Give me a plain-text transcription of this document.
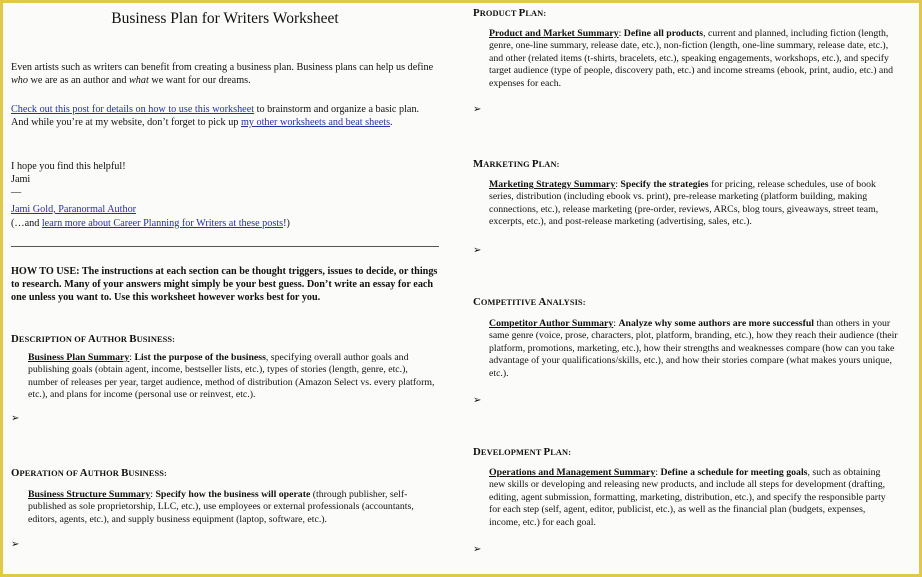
Business Plan for Writers Worksheet

Even artists such as writers can benefit from creating a business plan. Business plans can help us define who we are as an author and what we want for our dreams.

Check out this post for details on how to use this worksheet to brainstorm and organize a basic plan. And while you’re at my website, don’t forget to pick up my other worksheets and beat sheets.

I hope you find this helpful!

Jami

—

Jami Gold, Paranormal Author

(…and learn more about Career Planning for Writers at these posts!)

HOW TO USE: The instructions at each section can be thought triggers, issues to decide, or things to research. Many of your answers might simply be your best guess. Don’t write an essay for each one unless you want to. Use this worksheet however works best for you.

DESCRIPTION OF AUTHOR BUSINESS:

Business Plan Summary: List the purpose of the business, specifying overall author goals and publishing goals (obtain agent, income, bestseller lists, etc.), types of stories (length, genre, etc.), number of releases per year, target audience, method of distribution (Amazon Select vs. every platform, etc.), and plans for income (personal use or reinvest, etc.).

➢
OPERATION OF AUTHOR BUSINESS:

Business Structure Summary: Specify how the business will operate (through publisher, self-published as sole proprietorship, LLC, etc.), use employees or external professionals (accountants, editors, agents, etc.), and supply business equipment (laptop, software, etc.).

➢
PRODUCT PLAN:

Product and Market Summary: Define all products, current and planned, including fiction (length, genre, one-line summary, release date, etc.), non-fiction (length, one-line summary, release date, etc.), and other (related items (t-shirts, bracelets, etc.), speaking engagements, workshops, etc.), and specify target audience (type of people, discovery path, etc.) and income streams (ebook, print, audio, etc.) and expenses for each.

➢
MARKETING PLAN:

Marketing Strategy Summary: Specify the strategies for pricing, release schedules, use of book series, distribution (including ebook vs. print), pre-release marketing (platform building, making connections, etc.), release marketing (pre-order, reviews, ARCs, blog tours, giveaways, street team, excerpts, etc.), and post-release marketing (advertising, sales, etc.).

➢
COMPETITIVE ANALYSIS:

Competitor Author Summary: Analyze why some authors are more successful than others in your same genre (voice, prose, characters, plot, platform, branding, etc.), how they reach their audience (their platform, promotions, marketing, etc.), how their strengths and weaknesses compare (how can you take advantage of your qualifications/skills, etc.), and how their stories compare (what makes yours unique, etc.).

➢
DEVELOPMENT PLAN:

Operations and Management Summary: Define a schedule for meeting goals, such as obtaining new skills or developing and releasing new products, and include all steps for development (drafting, editing, agent submission, formatting, marketing, distribution, etc.), and specify the responsible party for each step (self, agent, editor, publicist, etc.), as well as the financial plan (budgets, expenses, income, etc.) for each goal.

➢
